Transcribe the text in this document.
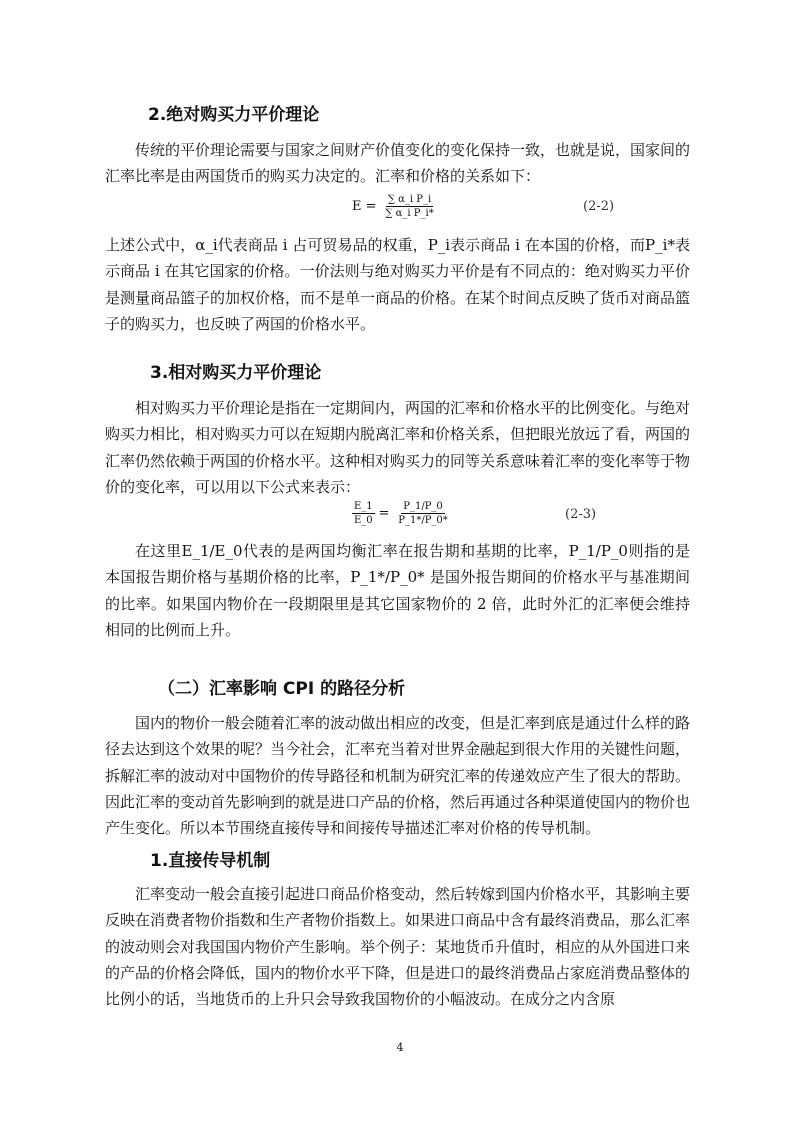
2.绝对购买力平价理论

传统的平价理论需要与国家之间财产价值变化的变化保持一致，也就是说，国家间的汇率比率是由两国货币的购买力决定的。汇率和价格的关系如下：

$E = \frac{\text{∑ α\_i P\_i}}{\text{∑ α\_i P\_i*}}$	(2-2)

上述公式中，α_i代表商品 i 占可贸易品的权重，P_i表示商品 i 在本国的价格，而P_i*表示商品 i 在其它国家的价格。一价法则与绝对购买力平价是有不同点的：绝对购买力平价是测量商品篮子的加权价格，而不是单一商品的价格。在某个时间点反映了货币对商品篮子的购买力，也反映了两国的价格水平。

3.相对购买力平价理论

相对购买力平价理论是指在一定期间内，两国的汇率和价格水平的比例变化。与绝对购买力相比，相对购买力可以在短期内脱离汇率和价格关系，但把眼光放远了看，两国的汇率仍然依赖于两国的价格水平。这种相对购买力的同等关系意味着汇率的变化率等于物价的变化率，可以用以下公式来表示：

$\frac{E\_1}{E\_0} = \frac{P\_1/P\_0}{P\_1*/P\_0*}$	(2-3)

在这里E_1/E_0代表的是两国均衡汇率在报告期和基期的比率，P_1/P_0则指的是本国报告期价格与基期价格的比率，P_1*/P_0* 是国外报告期间的价格水平与基准期间的比率。如果国内物价在一段期限里是其它国家物价的 2 倍，此时外汇的汇率便会维持相同的比例而上升。

（二）汇率影响 CPI 的路径分析

国内的物价一般会随着汇率的波动做出相应的改变，但是汇率到底是通过什么样的路径去达到这个效果的呢？当今社会，汇率充当着对世界金融起到很大作用的关键性问题，拆解汇率的波动对中国物价的传导路径和机制为研究汇率的传递效应产生了很大的帮助。因此汇率的变动首先影响到的就是进口产品的价格，然后再通过各种渠道使国内的物价也产生变化。所以本节围绕直接传导和间接传导描述汇率对价格的传导机制。

1.直接传导机制

汇率变动一般会直接引起进口商品价格变动，然后转嫁到国内价格水平，其影响主要反映在消费者物价指数和生产者物价指数上。如果进口商品中含有最终消费品，那么汇率的波动则会对我国国内物价产生影响。举个例子：某地货币升值时，相应的从外国进口来的产品的价格会降低，国内的物价水平下降，但是进口的最终消费品占家庭消费品整体的比例小的话，当地货币的上升只会导致我国物价的小幅波动。在成分之内含原

4
